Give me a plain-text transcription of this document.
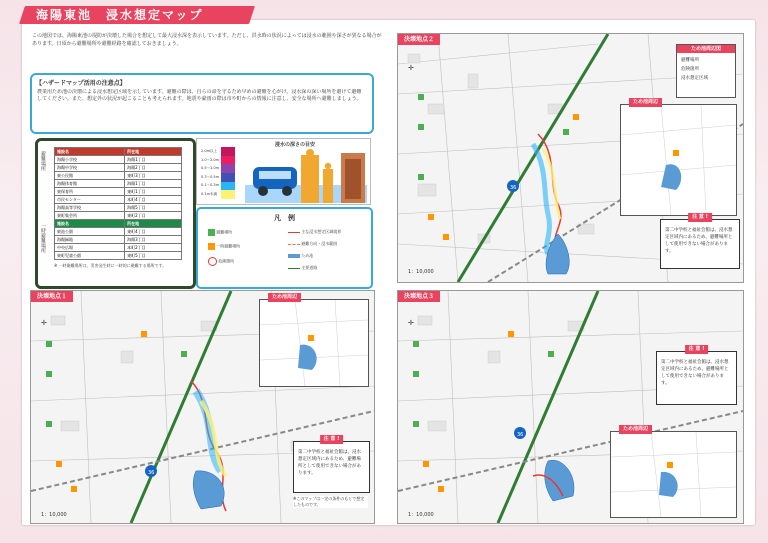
海陽東池　浸水想定マップ
この地図では、海陽東池の堤防が決壊した場合を想定して最大浸水深を表示しています。ただし、洪水時の状況によっては浸水の範囲や深さが異なる場合があります。日頃から避難場所や避難経路を確認しておきましょう。
【ハザードマップ活用の注意点】
農業用ため池の決壊による浸水想定区域を示しています。避難の際は、自らの命を守るため早めの避難を心がけ、浸水深の深い場所を避けて避難してください。また、想定外の状況が起こることも考えられます。地震や豪雨の際は市や町からの情報に注意し、安全な場所へ避難しましょう。
避難場所	施設名	所在地
海陽小学校	海陽1丁目
海陽中学校	海陽2丁目
東公民館	東町3丁目
海陽体育館	海陽1丁目
東保育所	東町1丁目
市民センター	本町4丁目
海陽高等学校	海陽5丁目
東町集会所	東町2丁目
一時避難場所	施設名	所在地
東池公園	東町4丁目
海陽緑地	海陽3丁目
中央広場	本町2丁目
東町児童公園	東町5丁目
※ 一時避難場所は、災害発生時に一時的に避難する場所です。
浸水の深さの目安
2.0m以上
1.0〜2.0m
0.5〜1.0m
0.3〜0.5m
0.1〜0.3m
0.1m未満
凡　例
避難場所
一時避難場所
危険箇所
主な浸水想定区域境界
避難方向・浸水範囲
ため池
主要道路
36
決壊地点２
✛
ため池周辺図
避難場所
危険箇所
浸水想定区域
ため池周辺
注 意 !
第二中学校と福祉会館は、浸水想定区域内にあるため、避難場所として使用できない場合があります。
1：10,000
36
決壊地点１
✛
ため池周辺
注 意 !
第二中学校と福祉会館は、浸水想定区域内にあるため、避難場所として使用できない場合があります。
※このマップは一定の条件のもとで想定したものです。
1：10,000
36
決壊地点３
✛
ため池周辺
注 意 !
第二中学校と福祉会館は、浸水想定区域内にあるため、避難場所として使用できない場合があります。
1：10,000
